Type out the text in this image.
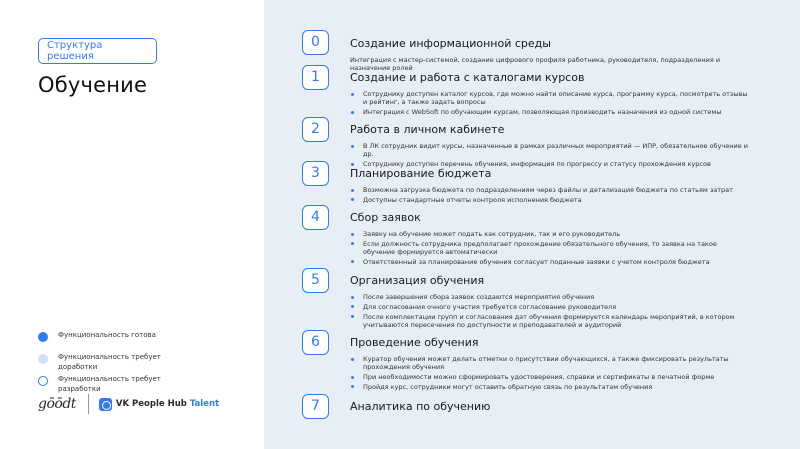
Структура решения
Обучение
Функциональность готова
Функциональность требует доработки
Функциональность требует разработки
gōōdt	VK People Hub Talent
0	Создание информационной среды
Интеграция с мастер-системой, создание цифрового профиля работника, руководителя, подразделения и назначение ролей
1	Создание и работа с каталогами курсов
Сотруднику доступен каталог курсов, где можно найти описание курса, программу курса, посмотреть отзывы и рейтинг, а также задать вопросы
Интеграция с WebSoft по обучающим курсам, позволяющая производить назначения из одной системы
2	Работа в личном кабинете
В ЛК сотрудник видит курсы, назначенные в рамках различных мероприятий — ИПР, обязательное обучение и др.
Сотруднику доступен перечень обучения, информация по прогрессу и статусу прохождения курсов
3	Планирование бюджета
Возможна загрузка бюджета по подразделениям через файлы и детализация бюджета по статьям затрат
Доступны стандартные отчеты контроля исполнения бюджета
4	Сбор заявок
Заявку на обучение может подать как сотрудник, так и его руководитель
Если должность сотрудника предполагает прохождение обязательного обучения, то заявка на такое обучение формируется автоматически
Ответственный за планирование обучения согласует поданные заявки с учетом контроля бюджета
5	Организация обучения
После завершения сбора заявок создаются мероприятия обучения
Для согласования очного участия требуется согласование руководителя
После комплектации групп и согласования дат обучения формируется календарь мероприятий, в котором учитываются пересечения по доступности и преподавателей и аудиторий
6	Проведение обучения
Куратор обучения может делать отметки о присутствии обучающихся, а также фиксировать результаты прохождения обучения
При необходимости можно сформировать удостоверения, справки и сертификаты в печатной форме
Пройдя курс, сотрудники могут оставить обратную связь по результатам обучения
7	Аналитика по обучению
